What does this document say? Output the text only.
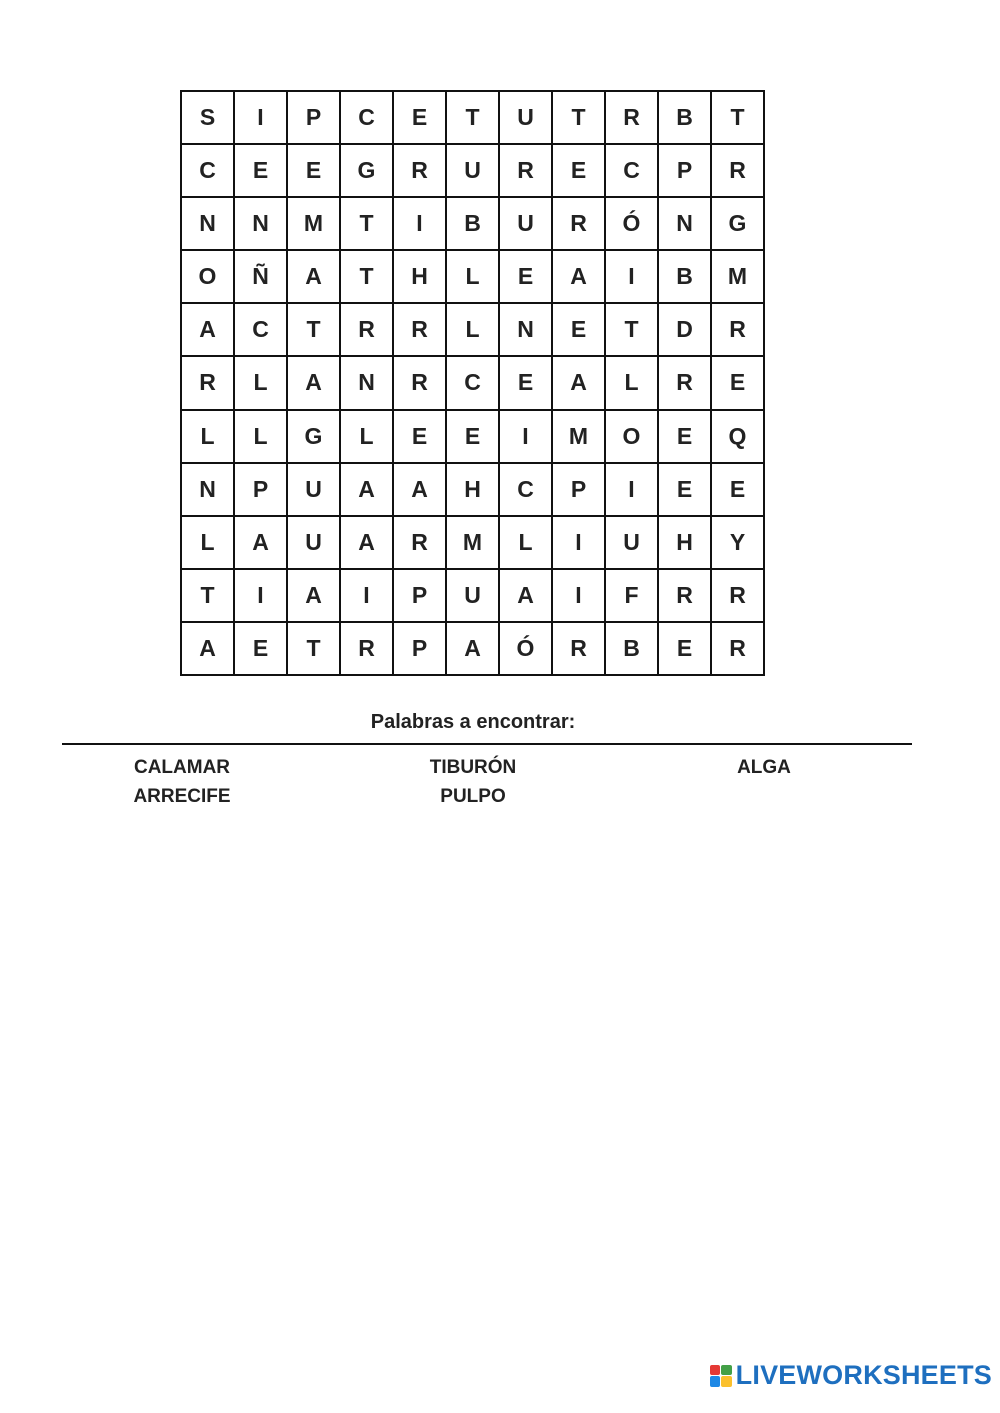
S	I	P	C	E	T	U	T	R	B	T
C	E	E	G	R	U	R	E	C	P	R
N	N	M	T	I	B	U	R	Ó	N	G
O	Ñ	A	T	H	L	E	A	I	B	M
A	C	T	R	R	L	N	E	T	D	R
R	L	A	N	R	C	E	A	L	R	E
L	L	G	L	E	E	I	M	O	E	Q
N	P	U	A	A	H	C	P	I	E	E
L	A	U	A	R	M	L	I	U	H	Y
T	I	A	I	P	U	A	I	F	R	R
A	E	T	R	P	A	Ó	R	B	E	R
Palabras a encontrar:
CALAMAR	TIBURÓN	ALGA
ARRECIFE	PULPO
LIVEWORKSHEETS
